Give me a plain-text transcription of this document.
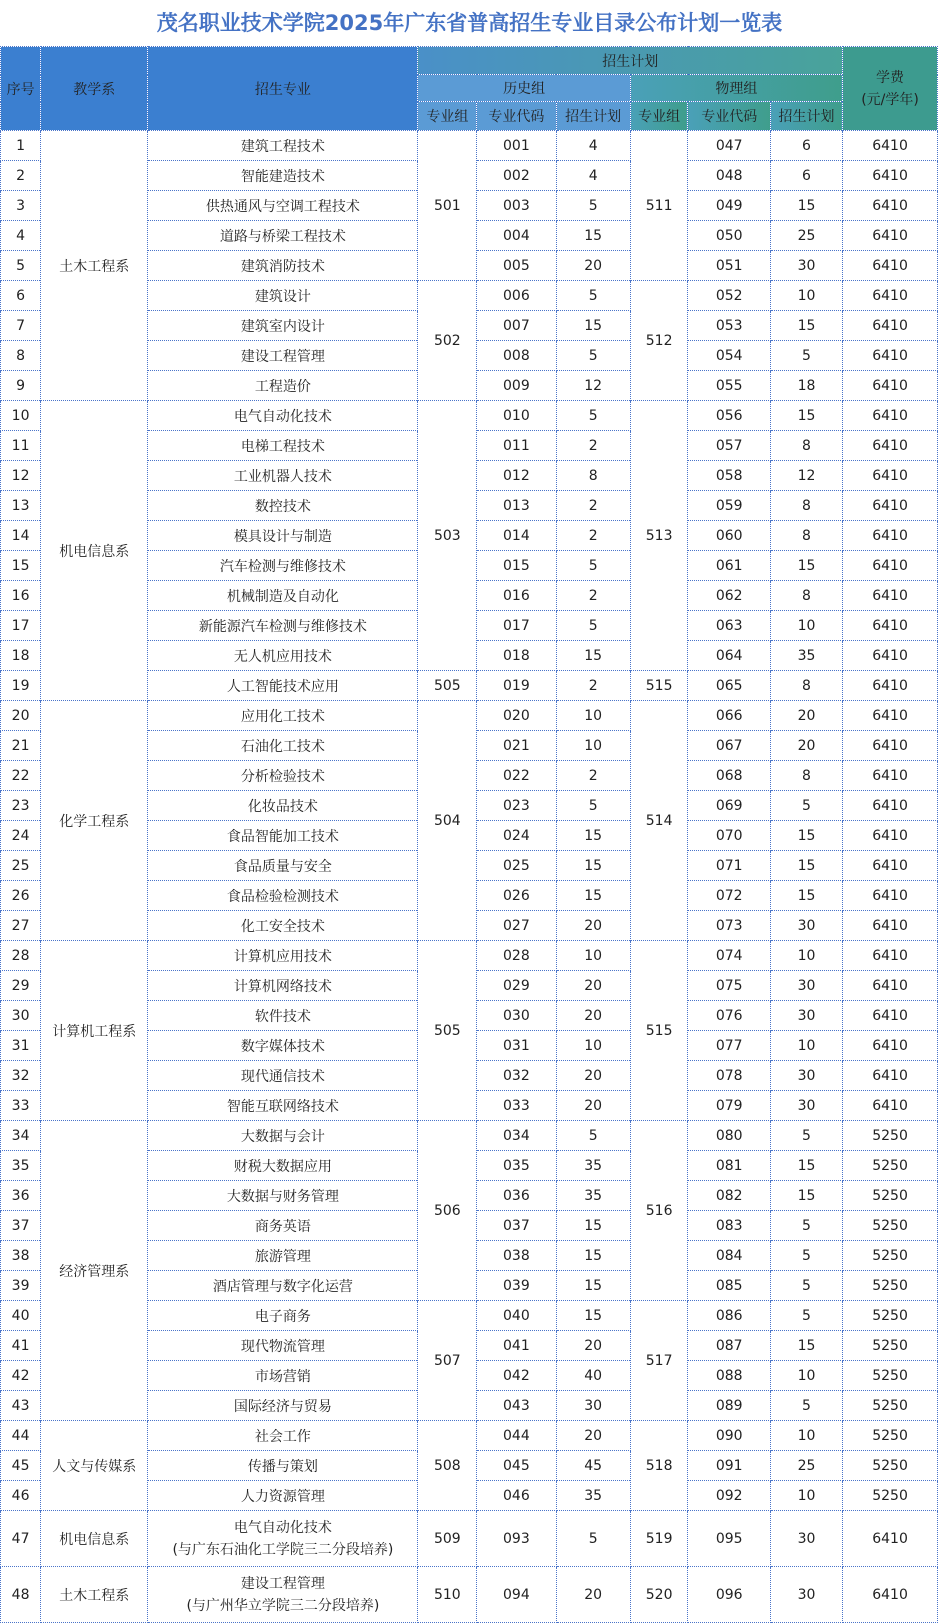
茂名职业技术学院2025年广东省普高招生专业目录公布计划一览表
序号	教学系	招生专业	招生计划						学费
(元/学年)

			历史组			物理组			
			专业组	专业代码	招生计划	专业组	专业代码	招生计划	
1	土木工程系	建筑工程技术	501	001	4	511	047	6	6410
2		智能建造技术		002	4		048	6	6410
3		供热通风与空调工程技术		003	5		049	15	6410
4		道路与桥梁工程技术		004	15		050	25	6410
5		建筑消防技术		005	20		051	30	6410
6		建筑设计	502	006	5	512	052	10	6410
7		建筑室内设计		007	15		053	15	6410
8		建设工程管理		008	5		054	5	6410
9		工程造价		009	12		055	18	6410
10	机电信息系	电气自动化技术	503	010	5	513	056	15	6410
11		电梯工程技术		011	2		057	8	6410
12		工业机器人技术		012	8		058	12	6410
13		数控技术		013	2		059	8	6410
14		模具设计与制造		014	2		060	8	6410
15		汽车检测与维修技术		015	5		061	15	6410
16		机械制造及自动化		016	2		062	8	6410
17		新能源汽车检测与维修技术		017	5		063	10	6410
18		无人机应用技术		018	15		064	35	6410
19		人工智能技术应用	505	019	2	515	065	8	6410
20	化学工程系	应用化工技术	504	020	10	514	066	20	6410
21		石油化工技术		021	10		067	20	6410
22		分析检验技术		022	2		068	8	6410
23		化妆品技术		023	5		069	5	6410
24		食品智能加工技术		024	15		070	15	6410
25		食品质量与安全		025	15		071	15	6410
26		食品检验检测技术		026	15		072	15	6410
27		化工安全技术		027	20		073	30	6410
28	计算机工程系	计算机应用技术	505	028	10	515	074	10	6410
29		计算机网络技术		029	20		075	30	6410
30		软件技术		030	20		076	30	6410
31		数字媒体技术		031	10		077	10	6410
32		现代通信技术		032	20		078	30	6410
33		智能互联网络技术		033	20		079	30	6410
34	经济管理系	大数据与会计	506	034	5	516	080	5	5250
35		财税大数据应用		035	35		081	15	5250
36		大数据与财务管理		036	35		082	15	5250
37		商务英语		037	15		083	5	5250
38		旅游管理		038	15		084	5	5250
39		酒店管理与数字化运营		039	15		085	5	5250
40		电子商务	507	040	15	517	086	5	5250
41		现代物流管理		041	20		087	15	5250
42		市场营销		042	40		088	10	5250
43		国际经济与贸易		043	30		089	5	5250
44	人文与传媒系	社会工作	508	044	20	518	090	10	5250
45		传播与策划		045	45		091	25	5250
46		人力资源管理		046	35		092	10	5250
47	机电信息系	电气自动化技术
(与广东石油化工学院三二分段培养)	509	093	5	519	095	30	6410
48	土木工程系	建设工程管理
(与广州华立学院三二分段培养)	510	094	20	520	096	30	6410
